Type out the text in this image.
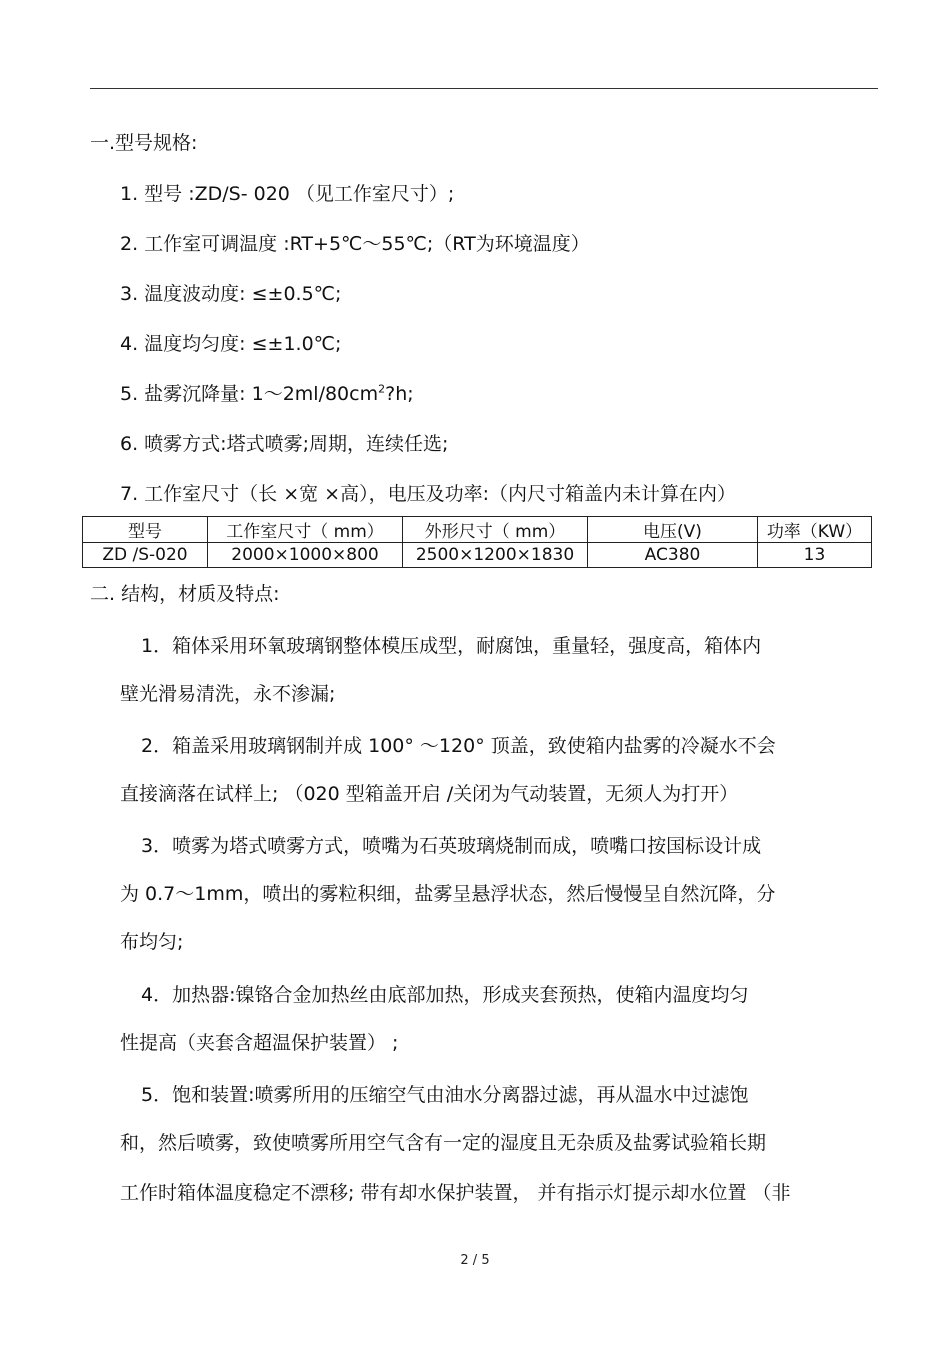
一.型号规格:
1. 型号 :ZD/S- 020 （见工作室尺寸）;
2. 工作室可调温度 :RT+5℃～55℃;（RT为环境温度）
3. 温度波动度: ≤±0.5℃;
4. 温度均匀度: ≤±1.0℃;
5. 盐雾沉降量: $1\sim 2ml/80cm^2?h$;
6. 喷雾方式:塔式喷雾;周期，连续任选;
7. 工作室尺寸（长 ×宽 ×高），电压及功率:（内尺寸箱盖内未计算在内）
型号	工作室尺寸（ mm）	外形尺寸（ mm）	电压(V)	功率（KW）
ZD /S-020	2000×1000×800	2500×1200×1830	AC380	13
二. 结构，材质及特点:
1．箱体采用环氧玻璃钢整体模压成型，耐腐蚀，重量轻，强度高，箱体内
壁光滑易清洗，永不渗漏;
2．箱盖采用玻璃钢制并成 100° ～120° 顶盖，致使箱内盐雾的冷凝水不会
直接滴落在试样上; （020 型箱盖开启 /关闭为气动装置，无须人为打开）
3．喷雾为塔式喷雾方式，喷嘴为石英玻璃烧制而成，喷嘴口按国标设计成
为 0.7～1mm，喷出的雾粒积细，盐雾呈悬浮状态，然后慢慢呈自然沉降，分
布均匀;
4．加热器:镍铬合金加热丝由底部加热，形成夹套预热，使箱内温度均匀
性提高（夹套含超温保护装置） ;
5．饱和装置:喷雾所用的压缩空气由油水分离器过滤，再从温水中过滤饱
和，然后喷雾，致使喷雾所用空气含有一定的湿度且无杂质及盐雾试验箱长期
工作时箱体温度稳定不漂移; 带有却水保护装置， 并有指示灯提示却水位置 （非
2 / 5
